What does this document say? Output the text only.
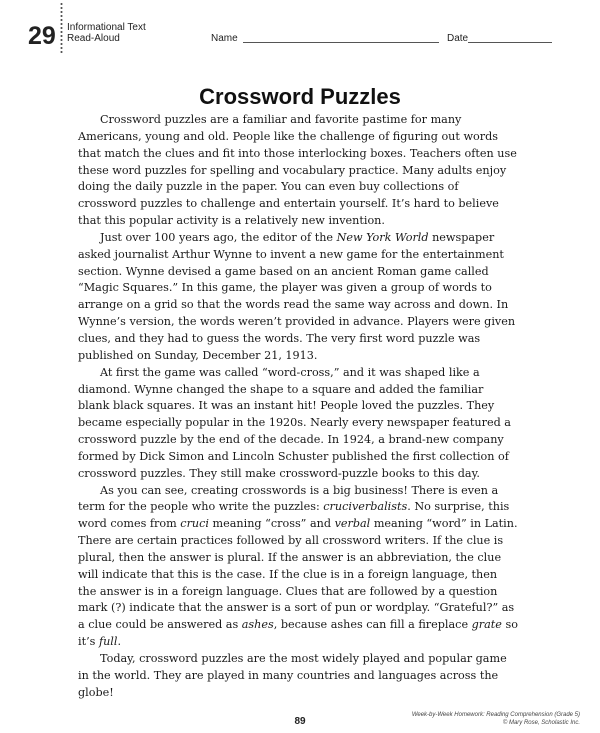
29 Informational Text
Read-Aloud	Name	Date
Crossword Puzzles

Crossword puzzles are a familiar and favorite pastime for many Americans, young and old. People like the challenge of figuring out words that match the clues and fit into those interlocking boxes. Teachers often use these word puzzles for spelling and vocabulary practice. Many adults enjoy doing the daily puzzle in the paper. You can even buy collections of crossword puzzles to challenge and entertain yourself. It’s hard to believe that this popular activity is a relatively new invention.

Just over 100 years ago, the editor of the New York World newspaper asked journalist Arthur Wynne to invent a new game for the entertainment section. Wynne devised a game based on an ancient Roman game called “Magic Squares.” In this game, the player was given a group of words to arrange on a grid so that the words read the same way across and down. In Wynne’s version, the words weren’t provided in advance. Players were given clues, and they had to guess the words. The very first word puzzle was published on Sunday, December 21, 1913.

At first the game was called “word-cross,” and it was shaped like a diamond. Wynne changed the shape to a square and added the familiar blank black squares. It was an instant hit! People loved the puzzles. They became especially popular in the 1920s. Nearly every newspaper featured a crossword puzzle by the end of the decade. In 1924, a brand-new company formed by Dick Simon and Lincoln Schuster published the first collection of crossword puzzles. They still make crossword-puzzle books to this day.

As you can see, creating crosswords is a big business! There is even a term for the people who write the puzzles: cruciverbalists. No surprise, this word comes from cruci meaning “cross” and verbal meaning “word” in Latin. There are certain practices followed by all crossword writers. If the clue is plural, then the answer is plural. If the answer is an abbreviation, the clue will indicate that this is the case. If the clue is in a foreign language, then the answer is in a foreign language. Clues that are followed by a question mark (?) indicate that the answer is a sort of pun or wordplay. “Grateful?” as a clue could be answered as ashes, because ashes can fill a fireplace grate so it’s full.

Today, crossword puzzles are the most widely played and popular game in the world. They are played in many countries and languages across the globe!

89
Week-by-Week Homework: Reading Comprehension (Grade 5)
© Mary Rose, Scholastic Inc.
